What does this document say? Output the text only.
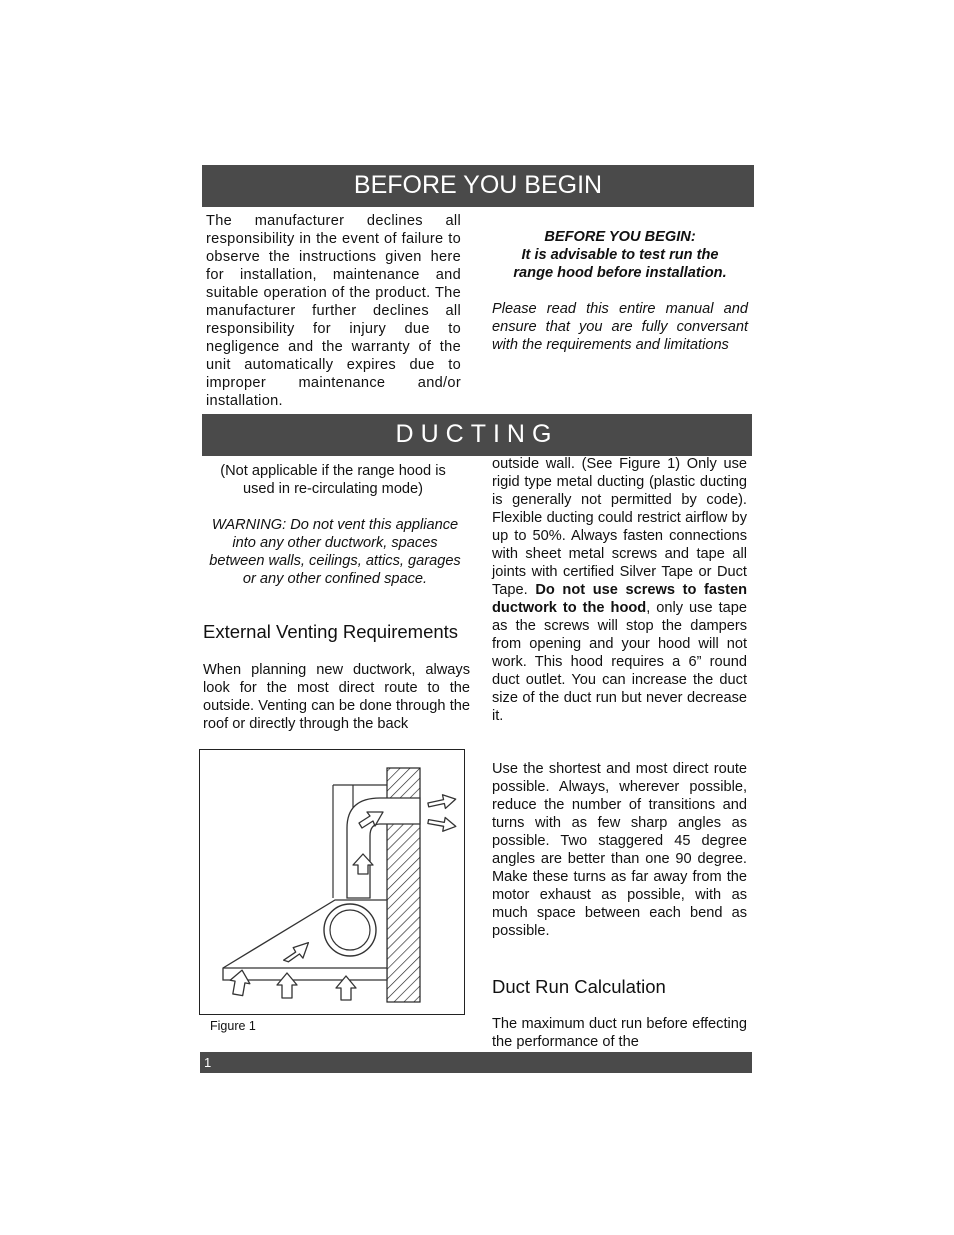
BEFORE YOU BEGIN

The manufacturer declines all responsibility in the event of failure to observe the instructions given here for installation, maintenance and suitable operation of the product. The manufacturer further declines all responsibility for injury due to negligence and the warranty of the unit automatically expires due to improper maintenance and/or installation.

BEFORE YOU BEGIN:

It is advisable to test run the

range hood before installation.

Please read this entire manual and ensure that you are fully conversant with the requirements and limitations

DUCTING

(Not applicable if the range hood is used in re-circulating mode)

WARNING: Do not vent this appliance into any other ductwork, spaces between walls, ceilings, attics, garages or any other confined space.

External Venting Requirements

When planning new ductwork, always look for the most direct route to the outside. Venting can be done through the roof or directly through the back

outside wall. (See Figure 1) Only use rigid type metal ducting (plastic ducting is generally not permitted by code). Flexible ducting could restrict airflow by up to 50%. Always fasten connections with sheet metal screws and tape all joints with certified Silver Tape or Duct Tape. Do not use screws to fasten ductwork to the hood, only use tape as the screws will stop the dampers from opening and your hood will not work. This hood requires a 6” round duct outlet. You can increase the duct size of the duct run but never decrease it.

Use the shortest and most direct route possible. Always, wherever possible, reduce the number of transitions and turns with as few sharp angles as possible. Two staggered 45 degree angles are better than one 90 degree. Make these turns as far away from the motor exhaust as possible, with as much space between each bend as possible.

Duct Run Calculation

The maximum duct run before effecting the performance of the

Figure 1
1
